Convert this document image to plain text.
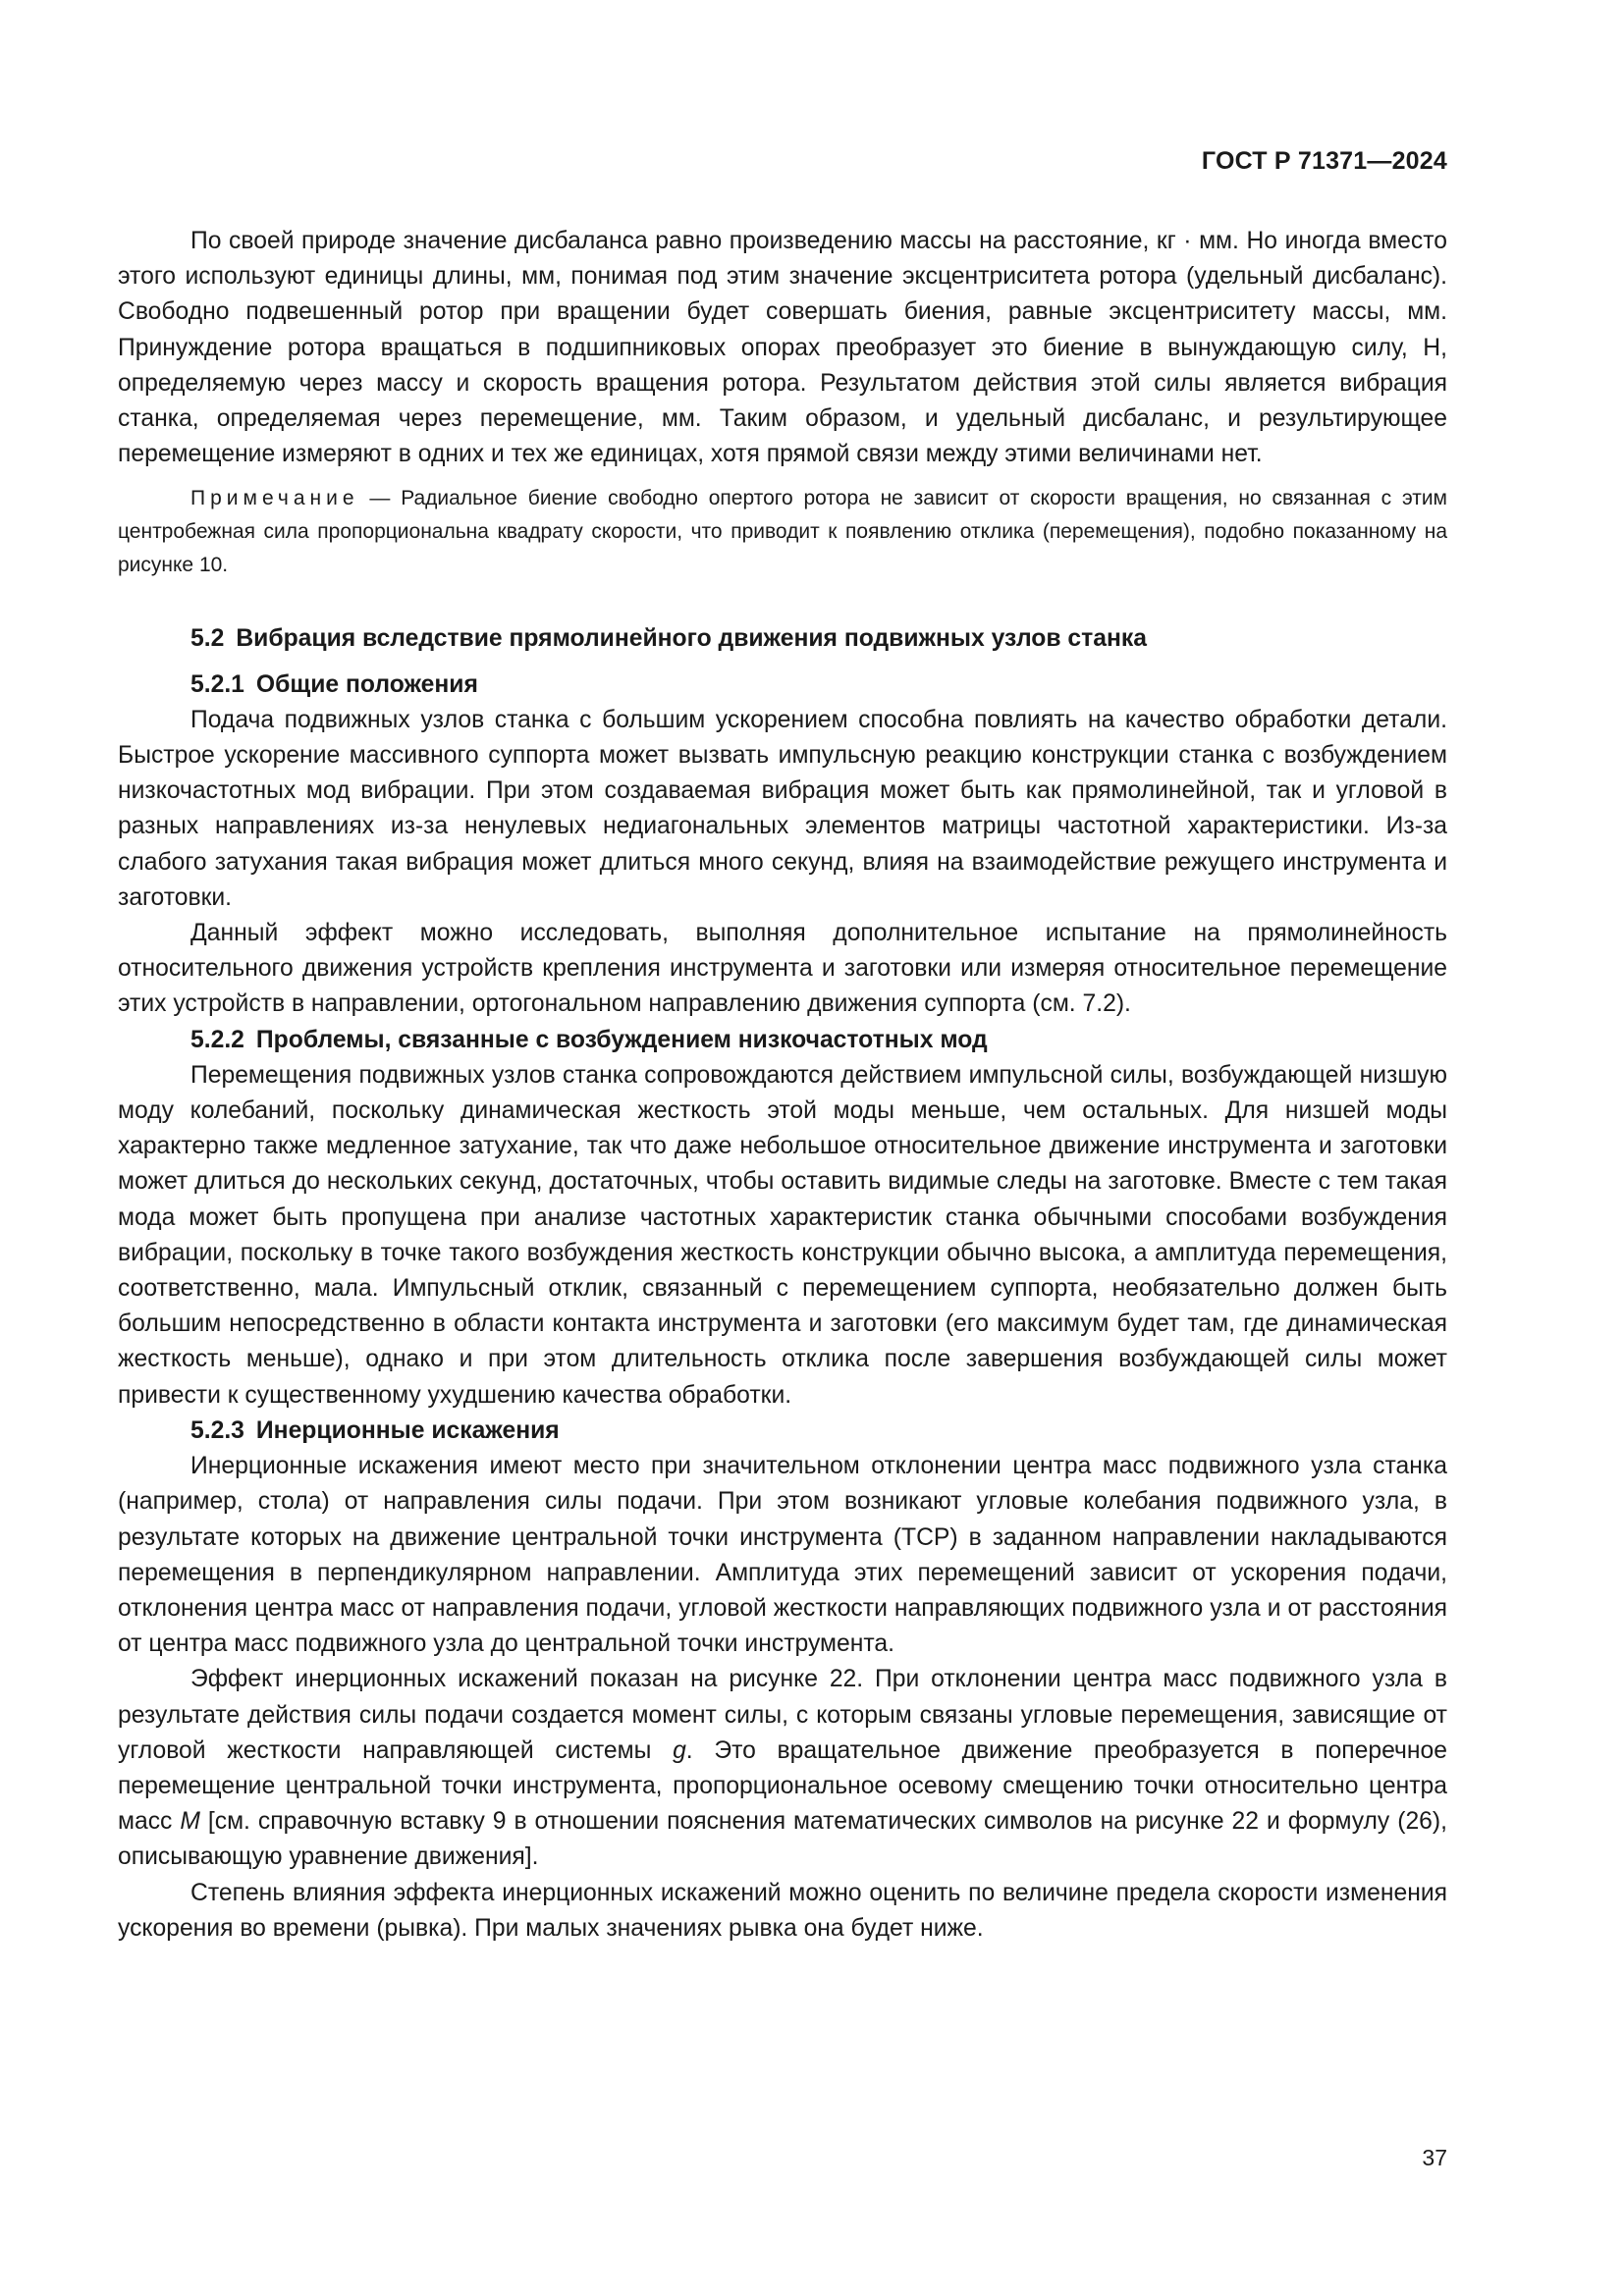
ГОСТ Р 71371—2024

По своей природе значение дисбаланса равно произведению массы на расстояние, кг · мм. Но иногда вместо этого используют единицы длины, мм, понимая под этим значение эксцентриситета ротора (удельный дисбаланс). Свободно подвешенный ротор при вращении будет совершать биения, равные эксцентриситету массы, мм. Принуждение ротора вращаться в подшипниковых опорах преобразует это биение в вынуждающую силу, Н, определяемую через массу и скорость вращения ротора. Результатом действия этой силы является вибрация станка, определяемая через перемещение, мм. Таким образом, и удельный дисбаланс, и результирующее перемещение измеряют в одних и тех же единицах, хотя прямой связи между этими величинами нет.

Примечание — Радиальное биение свободно опертого ротора не зависит от скорости вращения, но связанная с этим центробежная сила пропорциональна квадрату скорости, что приводит к появлению отклика (перемещения), подобно показанному на рисунке 10.

5.2 Вибрация вследствие прямолинейного движения подвижных узлов станка
5.2.1 Общие положения

Подача подвижных узлов станка с большим ускорением способна повлиять на качество обработки детали. Быстрое ускорение массивного суппорта может вызвать импульсную реакцию конструкции станка с возбуждением низкочастотных мод вибрации. При этом создаваемая вибрация может быть как прямолинейной, так и угловой в разных направлениях из-за ненулевых недиагональных элементов матрицы частотной характеристики. Из-за слабого затухания такая вибрация может длиться много секунд, влияя на взаимодействие режущего инструмента и заготовки.

Данный эффект можно исследовать, выполняя дополнительное испытание на прямолинейность относительного движения устройств крепления инструмента и заготовки или измеряя относительное перемещение этих устройств в направлении, ортогональном направлению движения суппорта (см. 7.2).

5.2.2 Проблемы, связанные с возбуждением низкочастотных мод

Перемещения подвижных узлов станка сопровождаются действием импульсной силы, возбуждающей низшую моду колебаний, поскольку динамическая жесткость этой моды меньше, чем остальных. Для низшей моды характерно также медленное затухание, так что даже небольшое относительное движение инструмента и заготовки может длиться до нескольких секунд, достаточных, чтобы оставить видимые следы на заготовке. Вместе с тем такая мода может быть пропущена при анализе частотных характеристик станка обычными способами возбуждения вибрации, поскольку в точке такого возбуждения жесткость конструкции обычно высока, а амплитуда перемещения, соответственно, мала. Импульсный отклик, связанный с перемещением суппорта, необязательно должен быть большим непосредственно в области контакта инструмента и заготовки (его максимум будет там, где динамическая жесткость меньше), однако и при этом длительность отклика после завершения возбуждающей силы может привести к существенному ухудшению качества обработки.

5.2.3 Инерционные искажения

Инерционные искажения имеют место при значительном отклонении центра масс подвижного узла станка (например, стола) от направления силы подачи. При этом возникают угловые колебания подвижного узла, в результате которых на движение центральной точки инструмента (TCP) в заданном направлении накладываются перемещения в перпендикулярном направлении. Амплитуда этих перемещений зависит от ускорения подачи, отклонения центра масс от направления подачи, угловой жесткости направляющих подвижного узла и от расстояния от центра масс подвижного узла до центральной точки инструмента.

Эффект инерционных искажений показан на рисунке 22. При отклонении центра масс подвижного узла в результате действия силы подачи создается момент силы, с которым связаны угловые перемещения, зависящие от угловой жесткости направляющей системы g. Это вращательное движение преобразуется в поперечное перемещение центральной точки инструмента, пропорциональное осевому смещению точки относительно центра масс M [см. справочную вставку 9 в отношении пояснения математических символов на рисунке 22 и формулу (26), описывающую уравнение движения].

Степень влияния эффекта инерционных искажений можно оценить по величине предела скорости изменения ускорения во времени (рывка). При малых значениях рывка она будет ниже.

37
